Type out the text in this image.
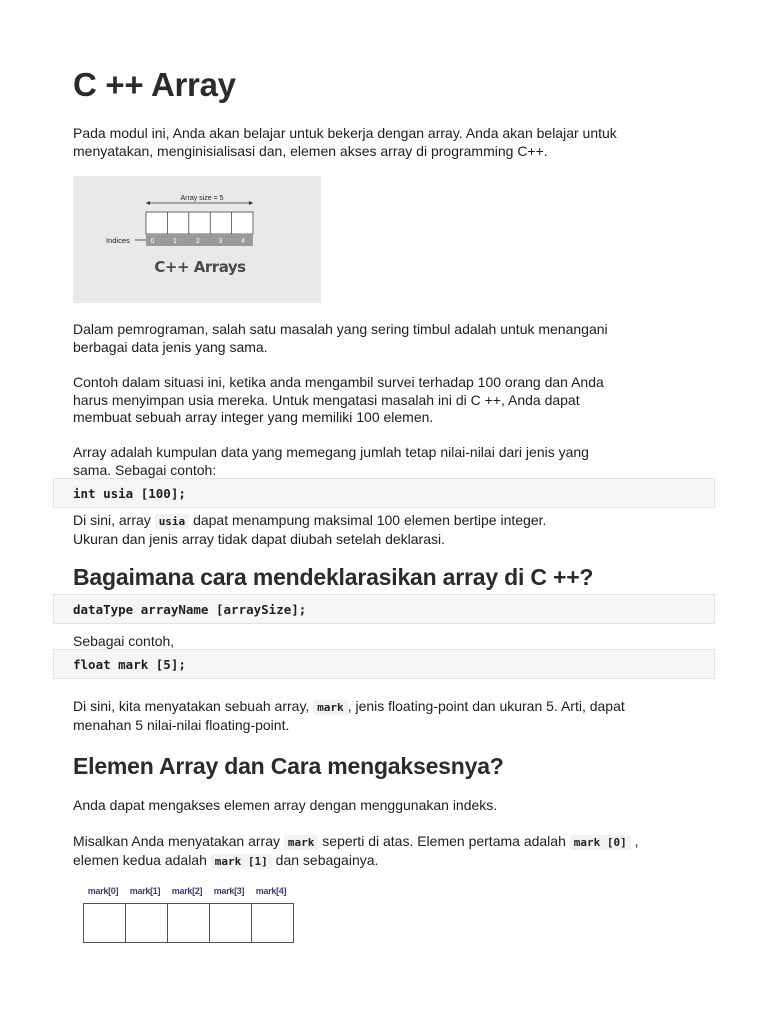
C ++ Array

Pada modul ini, Anda akan belajar untuk bekerja dengan array. Anda akan belajar untuk
menyatakan, menginisialisasi dan, elemen akses array di programming C++.

Array size = 5
Indices	0	1	2	3	4
C++ Arrays

Dalam pemrograman, salah satu masalah yang sering timbul adalah untuk menangani
berbagai data jenis yang sama.

Contoh dalam situasi ini, ketika anda mengambil survei terhadap 100 orang dan Anda
harus menyimpan usia mereka. Untuk mengatasi masalah ini di C ++, Anda dapat
membuat sebuah array integer yang memiliki 100 elemen.

Array adalah kumpulan data yang memegang jumlah tetap nilai-nilai dari jenis yang
sama. Sebagai contoh:

int usia [100];

Di sini, array usia dapat menampung maksimal 100 elemen bertipe integer.
Ukuran dan jenis array tidak dapat diubah setelah deklarasi.

Bagaimana cara mendeklarasikan array di C ++?
dataType arrayName [arraySize];

Sebagai contoh,

float mark [5];

Di sini, kita menyatakan sebuah array, mark , jenis floating-point dan ukuran 5. Arti, dapat
menahan 5 nilai-nilai floating-point.

Elemen Array dan Cara mengaksesnya?

Anda dapat mengakses elemen array dengan menggunakan indeks.

Misalkan Anda menyatakan array mark seperti di atas. Elemen pertama adalah mark [0] ,
elemen kedua adalah mark [1] dan sebagainya.

mark[0]	mark[1]	mark[2]	mark[3]	mark[4]
